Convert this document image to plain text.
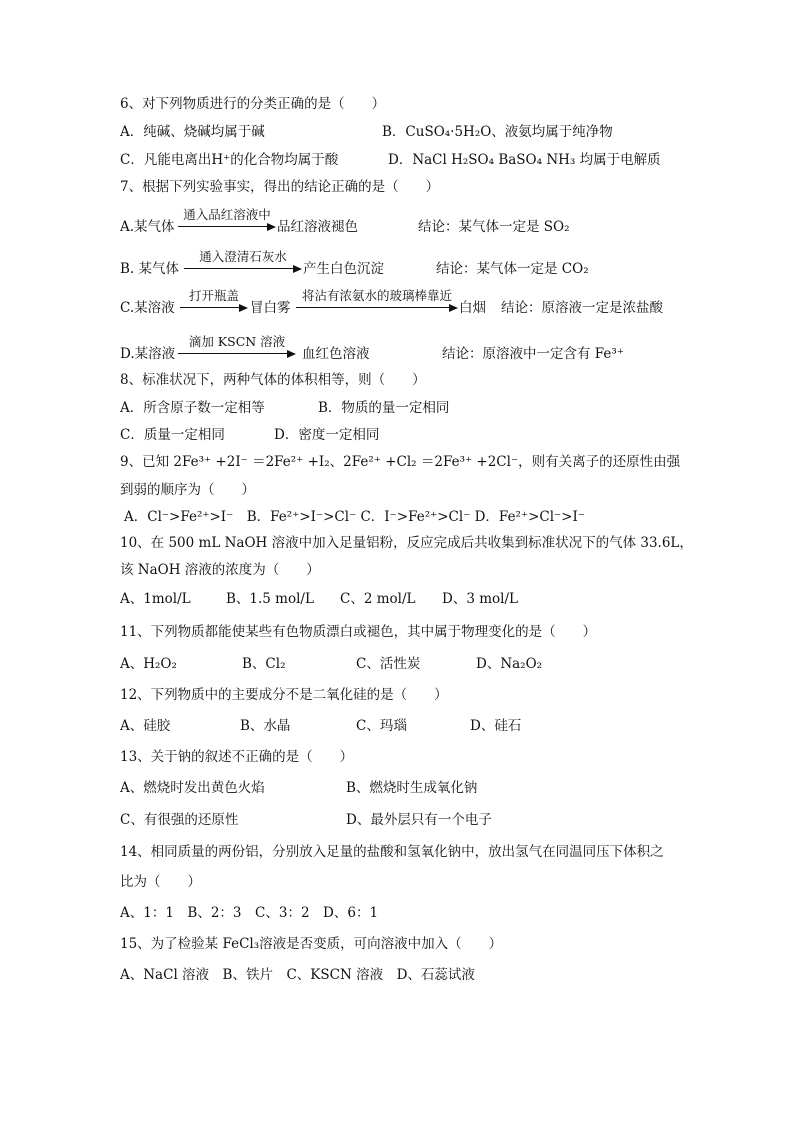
6、对下列物质进行的分类正确的是（　　）
A．纯碱、烧碱均属于碱	B．CuSO₄·5H₂O、液氨均属于纯净物
C．凡能电离出H⁺的化合物均属于酸	D．NaCl H₂SO₄ BaSO₄ NH₃ 均属于电解质
7、根据下列实验事实，得出的结论正确的是（　　）
A.某气体
通入品红溶液中
品红溶液褪色	结论：某气体一定是 SO₂
B. 某气体
通入澄清石灰水
产生白色沉淀	结论：某气体一定是 CO₂
C.某溶液
打开瓶盖
冒白雾
将沾有浓氨水的玻璃棒靠近
白烟 结论：原溶液一定是浓盐酸
D.某溶液
滴加 KSCN 溶液
血红色溶液	结论：原溶液中一定含有 Fe³⁺
8、标准状况下，两种气体的体积相等，则（　　）
A．所含原子数一定相等	B．物质的量一定相同
C．质量一定相同	D．密度一定相同
9、已知 2Fe³⁺ +2I⁻ ＝2Fe²⁺ +I₂、2Fe²⁺ +Cl₂ ＝2Fe³⁺ +2Cl⁻，则有关离子的还原性由强
到弱的顺序为（　　）
A．Cl⁻>Fe²⁺>I⁻　B．Fe²⁺>I⁻>Cl⁻ C．I⁻>Fe²⁺>Cl⁻ D．Fe²⁺>Cl⁻>I⁻
10、在 500 mL NaOH 溶液中加入足量铝粉，反应完成后共收集到标准状况下的气体 33.6L，
该 NaOH 溶液的浓度为（　　）
A、1mol/L	B、1.5 mol/L C、2 mol/L D、3 mol/L
11、下列物质都能使某些有色物质漂白或褪色，其中属于物理变化的是（　　）
A、H₂O₂	B、Cl₂	C、活性炭	D、Na₂O₂
12、下列物质中的主要成分不是二氧化硅的是（　　）
A、硅胶	B、水晶	C、玛瑙	D、硅石
13、关于钠的叙述不正确的是（　　）
A、燃烧时发出黄色火焰	B、燃烧时生成氧化钠
C、有很强的还原性	D、最外层只有一个电子
14、相同质量的两份铝，分别放入足量的盐酸和氢氧化钠中，放出氢气在同温同压下体积之
比为（　　）
A、1：1　B、2：3　C、3：2　D、6：1
15、为了检验某 FeCl₃溶液是否变质，可向溶液中加入（　　）
A、NaCl 溶液　B、铁片　C、KSCN 溶液　D、石蕊试液
